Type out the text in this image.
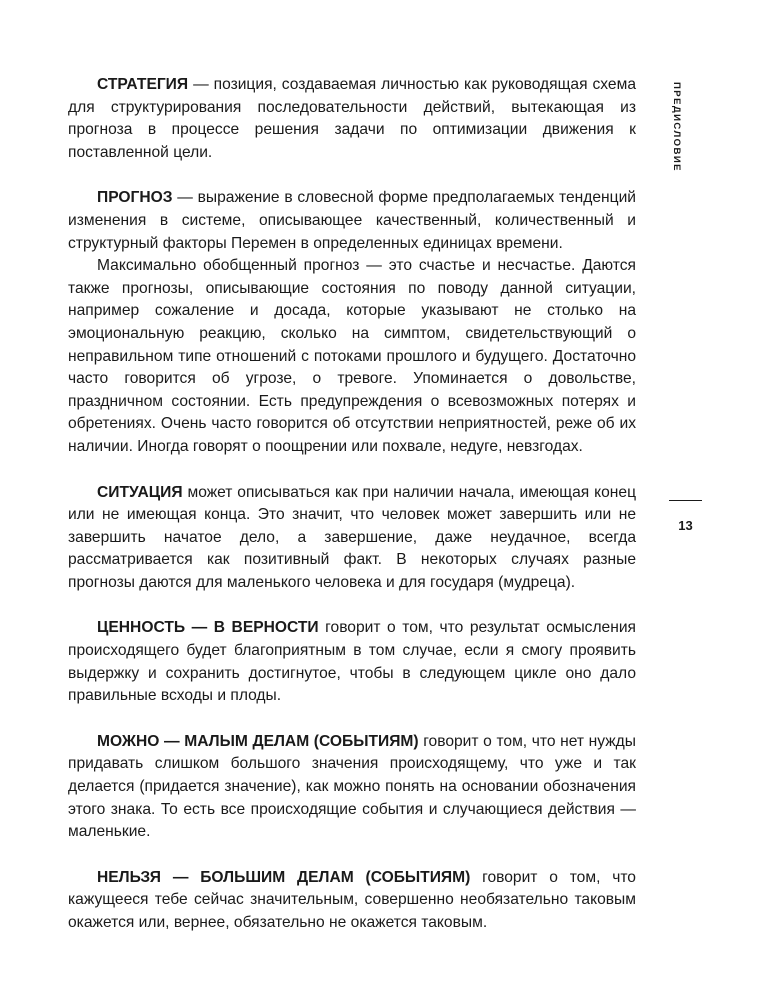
СТРАТЕГИЯ — позиция, создаваемая личностью как руководящая схема для структурирования последовательности действий, вытекающая из прогноза в процессе решения задачи по оптимизации движения к поставленной цели.

ПРОГНОЗ — выражение в словесной форме предполагаемых тенденций изменения в системе, описывающее качественный, количественный и структурный факторы Перемен в определенных единицах времени.

Максимально обобщенный прогноз — это счастье и несчастье. Даются также прогнозы, описывающие состояния по поводу данной ситуации, например сожаление и досада, которые указывают не столько на эмоциональную реакцию, сколько на симптом, свидетельствующий о неправильном типе отношений с потоками прошлого и будущего. Достаточно часто говорится об угрозе, о тревоге. Упоминается о довольстве, праздничном состоянии. Есть предупреждения о всевозможных потерях и обретениях. Очень часто говорится об отсутствии неприятностей, реже об их наличии. Иногда говорят о поощрении или похвале, недуге, невзгодах.

СИТУАЦИЯ может описываться как при наличии начала, имеющая конец или не имеющая конца. Это значит, что человек может завершить или не завершить начатое дело, а завершение, даже неудачное, всегда рассматривается как позитивный факт. В некоторых случаях разные прогнозы даются для маленького человека и для государя (мудреца).

ЦЕННОСТЬ — В ВЕРНОСТИ говорит о том, что результат осмысления происходящего будет благоприятным в том случае, если я смогу проявить выдержку и сохранить достигнутое, чтобы в следующем цикле оно дало правильные всходы и плоды.

МОЖНО — МАЛЫМ ДЕЛАМ (СОБЫТИЯМ) говорит о том, что нет нужды придавать слишком большого значения происходящему, что уже и так делается (придается значение), как можно понять на основании обозначения этого знака. То есть все происходящие события и случающиеся действия — маленькие.

НЕЛЬЗЯ — БОЛЬШИМ ДЕЛАМ (СОБЫТИЯМ) говорит о том, что кажущееся тебе сейчас значительным, совершенно необязательно таковым окажется или, вернее, обязательно не окажется таковым.

ПРЕДИСЛОВИЕ
13
